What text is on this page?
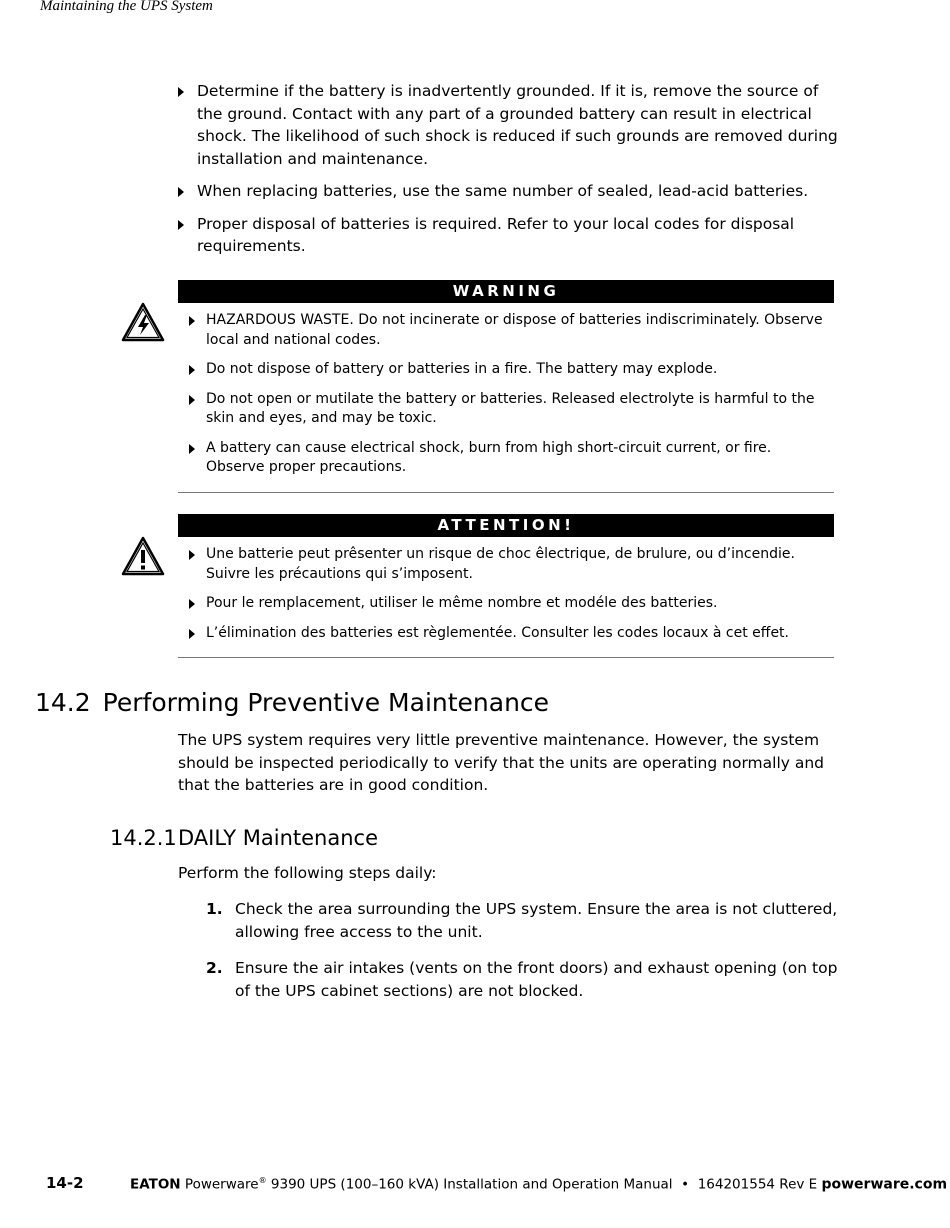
Maintaining the UPS System
Determine if the battery is inadvertently grounded. If it is, remove the source of the ground. Contact with any part of a grounded battery can result in electrical shock. The likelihood of such shock is reduced if such grounds are removed during installation and maintenance.
When replacing batteries, use the same number of sealed, lead-acid batteries.
Proper disposal of batteries is required. Refer to your local codes for disposal requirements.
WARNING
HAZARDOUS WASTE. Do not incinerate or dispose of batteries indiscriminately. Observe local and national codes.
Do not dispose of battery or batteries in a fire. The battery may explode.
Do not open or mutilate the battery or batteries. Released electrolyte is harmful to the skin and eyes, and may be toxic.
A battery can cause electrical shock, burn from high short-circuit current, or fire. Observe proper precautions.
ATTENTION!
Une batterie peut prêsenter un risque de choc êlectrique, de brulure, ou d’incendie. Suivre les précautions qui s’imposent.
Pour le remplacement, utiliser le même nombre et modéle des batteries.
L’élimination des batteries est règlementée. Consulter les codes locaux à cet effet.
14.2 Performing Preventive Maintenance

The UPS system requires very little preventive maintenance. However, the system should be inspected periodically to verify that the units are operating normally and that the batteries are in good condition.

14.2.1DAILY Maintenance

Perform the following steps daily:

1. Check the area surrounding the UPS system. Ensure the area is not cluttered, allowing free access to the unit.
2. Ensure the air intakes (vents on the front doors) and exhaust opening (on top of the UPS cabinet sections) are not blocked.
14-2	EATON Powerware® 9390 UPS (100–160 kVA) Installation and Operation Manual • 164201554 Rev E powerware.com
